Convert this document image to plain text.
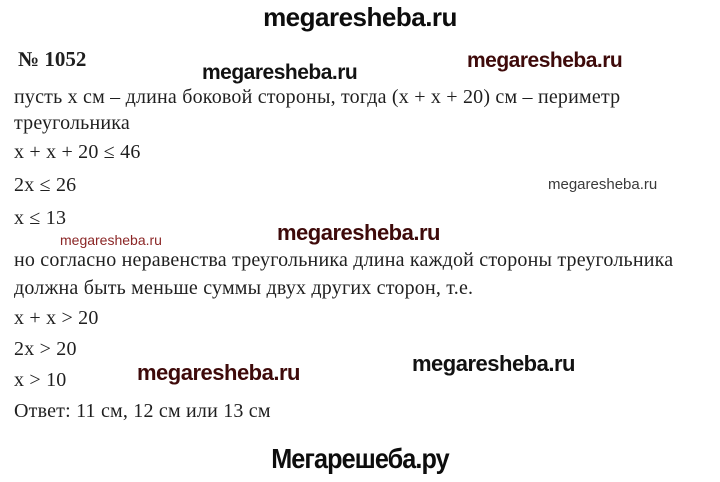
megaresheba.ru
№ 1052
megaresheba.ru
megaresheba.ru
megaresheba.ru
megaresheba.ru	megaresheba.ru
megaresheba.ru	megaresheba.ru
пусть х см – длина боковой стороны, тогда (х + х + 20) см – периметр
треугольника
х + х + 20 ≤ 46
2х ≤ 26
х ≤ 13
но согласно неравенства треугольника длина каждой стороны треугольника
должна быть меньше суммы двух других сторон, т.е.
х + х > 20
2х > 20
х > 10
Ответ: 11 см, 12 см или 13 см
Мегарешеба.ру
